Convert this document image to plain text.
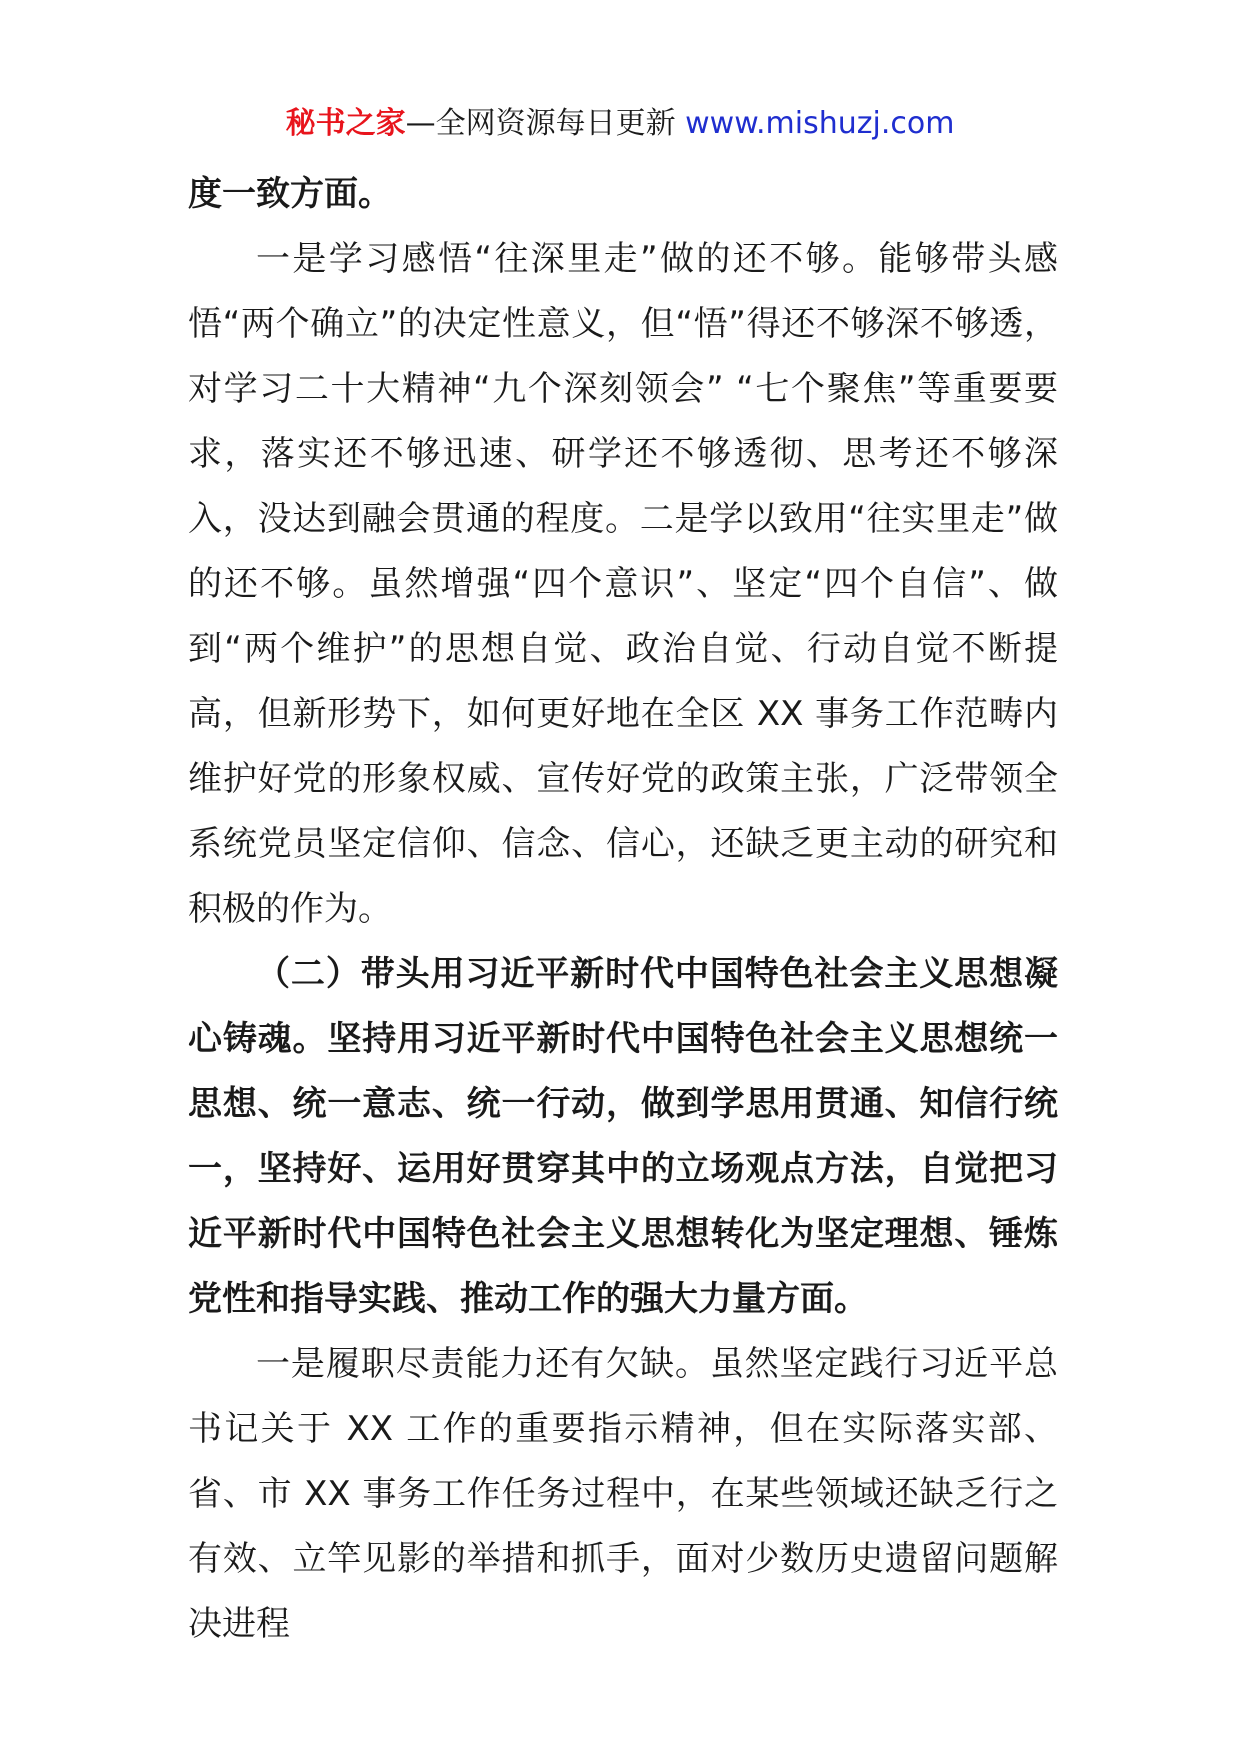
秘书之家—全网资源每日更新 www.mishuzj.com

度一致方面。

一是学习感悟“往深里走”做的还不够。能够带头感悟“两个确立”的决定性意义，但“悟”得还不够深不够透，对学习二十大精神“九个深刻领会” “七个聚焦”等重要要求，落实还不够迅速、研学还不够透彻、思考还不够深入，没达到融会贯通的程度。二是学以致用“往实里走”做的还不够。虽然增强“四个意识”、坚定“四个自信”、做到“两个维护”的思想自觉、政治自觉、行动自觉不断提高，但新形势下，如何更好地在全区 XX 事务工作范畴内维护好党的形象权威、宣传好党的政策主张，广泛带领全系统党员坚定信仰、信念、信心，还缺乏更主动的研究和积极的作为。

（二）带头用习近平新时代中国特色社会主义思想凝心铸魂。坚持用习近平新时代中国特色社会主义思想统一思想、统一意志、统一行动，做到学思用贯通、知信行统一，坚持好、运用好贯穿其中的立场观点方法，自觉把习近平新时代中国特色社会主义思想转化为坚定理想、锤炼党性和指导实践、推动工作的强大力量方面。

一是履职尽责能力还有欠缺。虽然坚定践行习近平总书记关于 XX 工作的重要指示精神，但在实际落实部、省、市 XX 事务工作任务过程中，在某些领域还缺乏行之有效、立竿见影的举措和抓手，面对少数历史遗留问题解决进程
